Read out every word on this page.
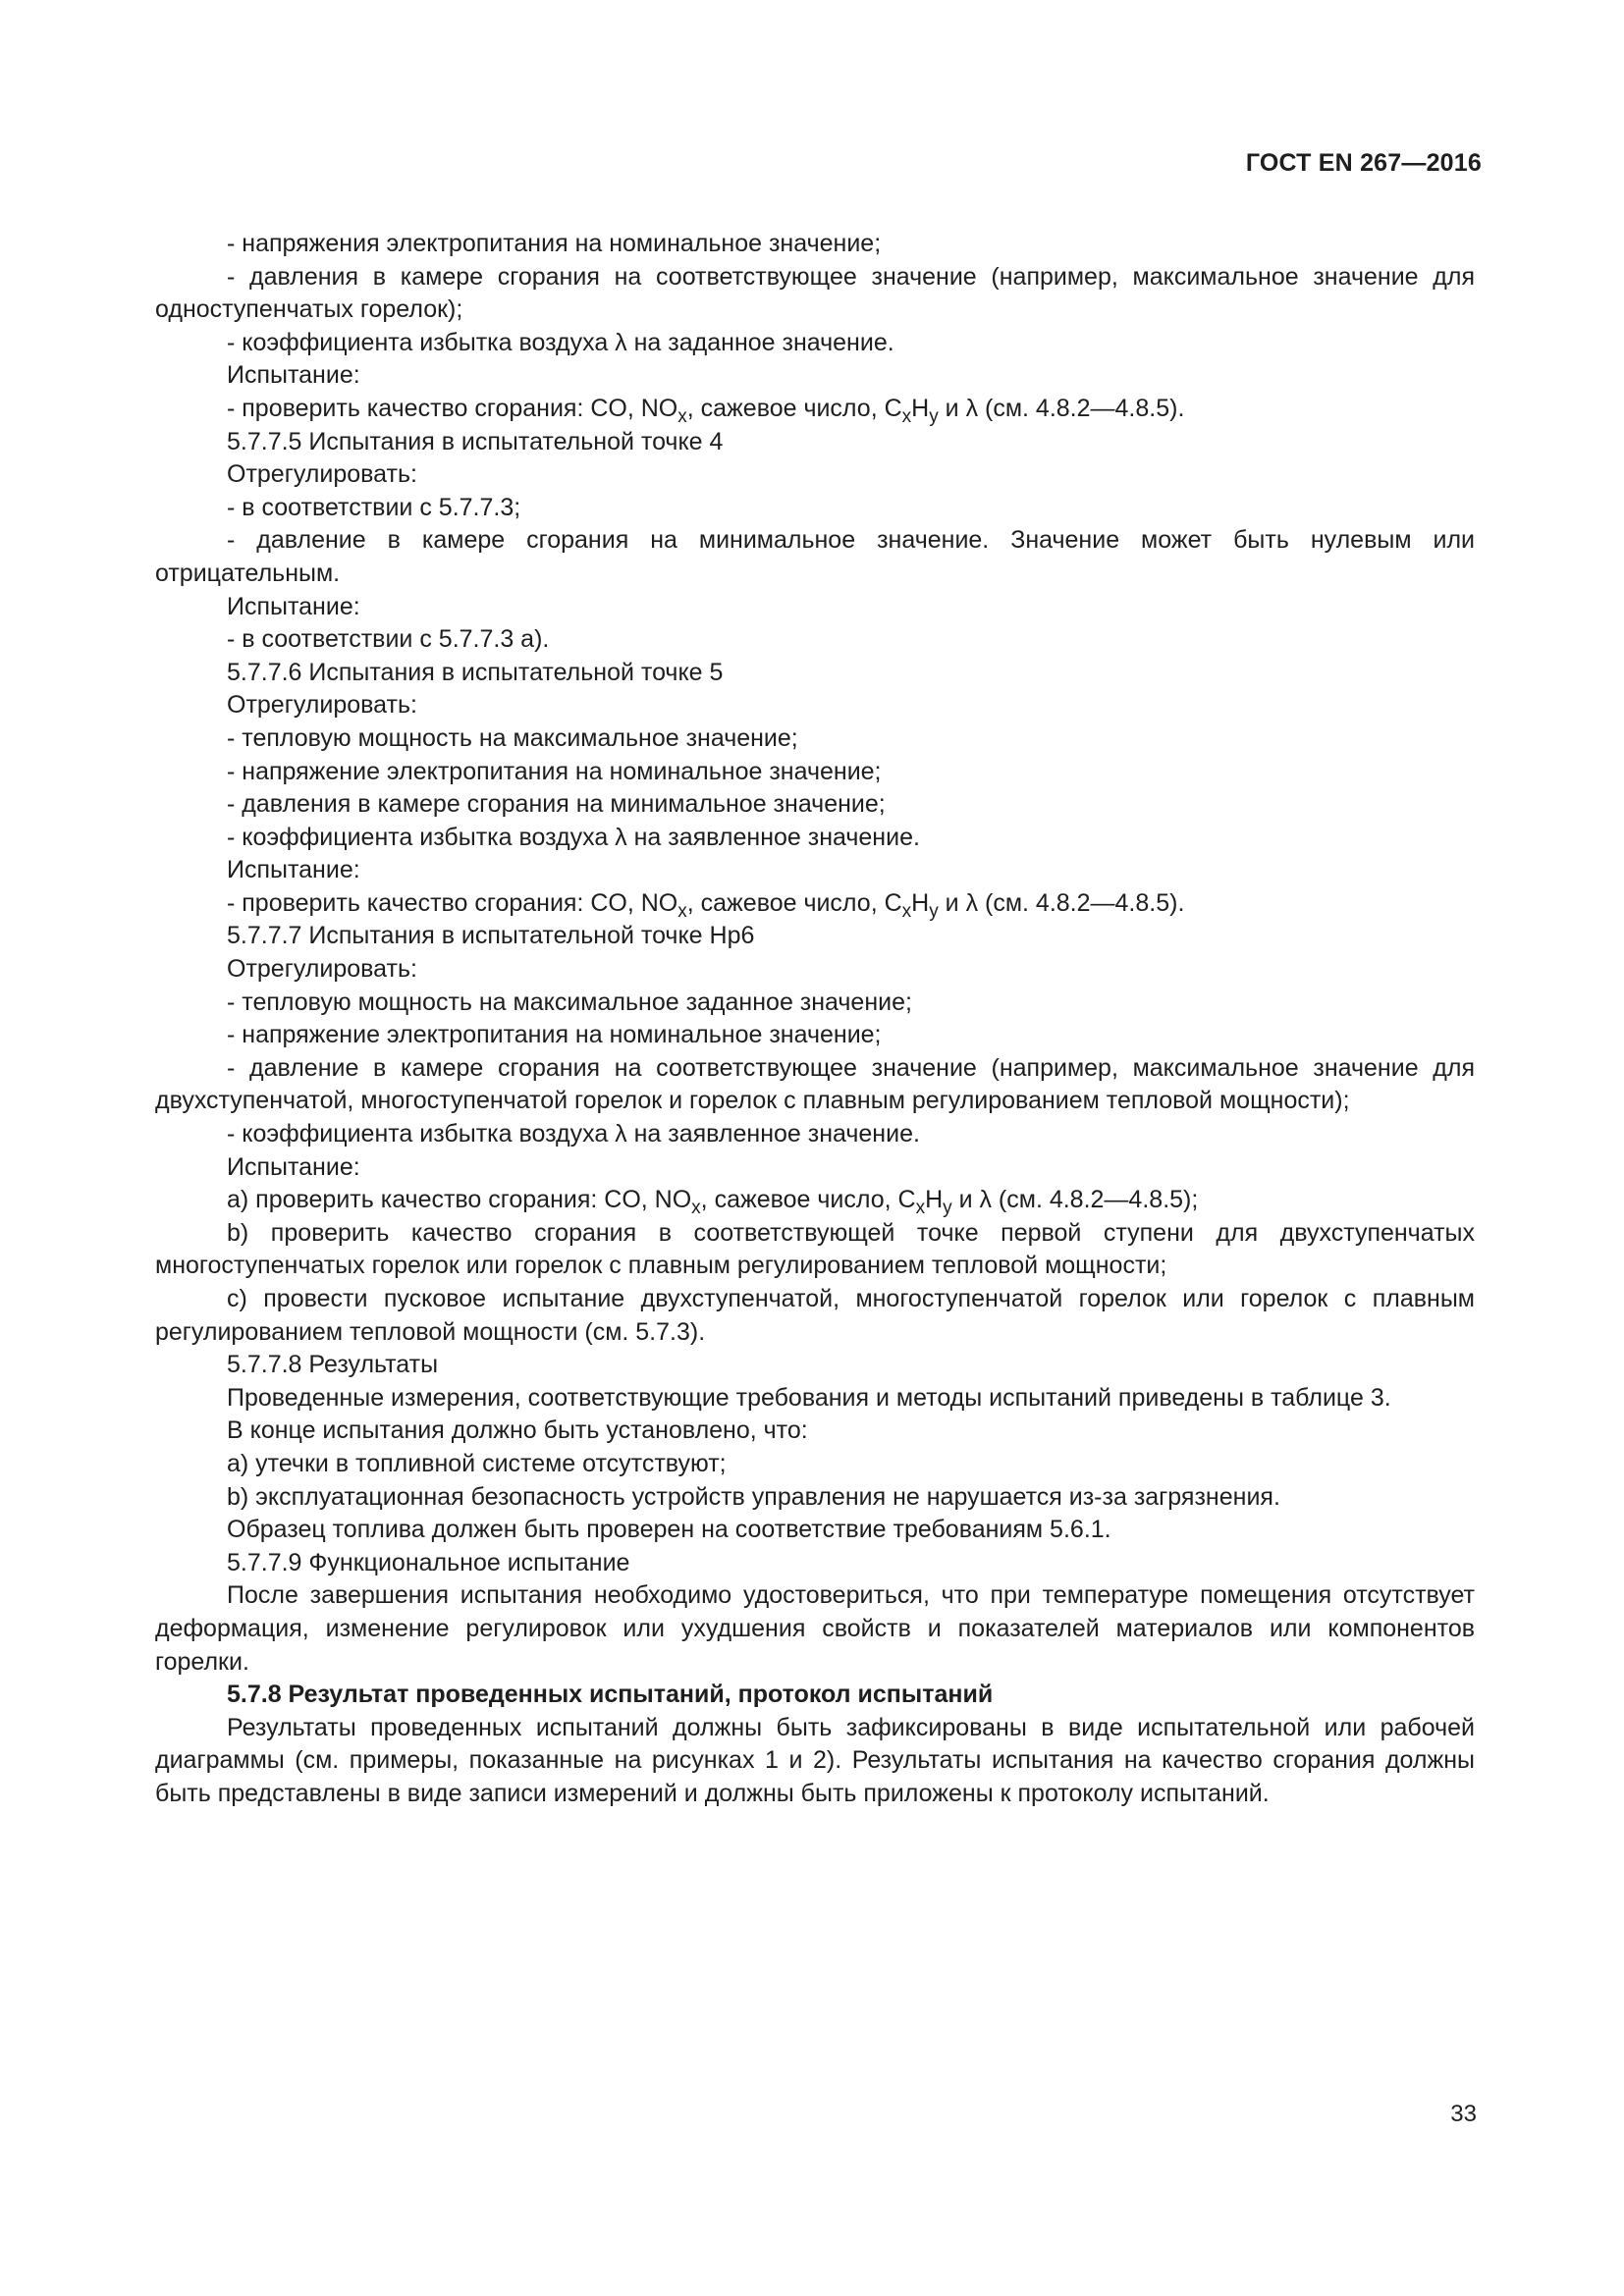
ГОСТ EN 267—2016

- напряжения электропитания на номинальное значение;

- давления в камере сгорания на соответствующее значение (например, максимальное значение для одноступенчатых горелок);

- коэффициента избытка воздуха λ на заданное значение.

Испытание:

- проверить качество сгорания: CO, $NO_x$, сажевое число, $C_xH_y$ и λ (см. 4.8.2—4.8.5).

5.7.7.5 Испытания в испытательной точке 4

Отрегулировать:

- в соответствии с 5.7.7.3;

- давление в камере сгорания на минимальное значение. Значение может быть нулевым или отрицательным.

Испытание:

- в соответствии с 5.7.7.3 а).

5.7.7.6 Испытания в испытательной точке 5

Отрегулировать:

- тепловую мощность на максимальное значение;

- напряжение электропитания на номинальное значение;

- давления в камере сгорания на минимальное значение;

- коэффициента избытка воздуха λ на заявленное значение.

Испытание:

- проверить качество сгорания: CO, $NO_x$, сажевое число, $C_xH_y$ и λ (см. 4.8.2—4.8.5).

5.7.7.7 Испытания в испытательной точке Hp6

Отрегулировать:

- тепловую мощность на максимальное заданное значение;

- напряжение электропитания на номинальное значение;

- давление в камере сгорания на соответствующее значение (например, максимальное значение для двухступенчатой, многоступенчатой горелок и горелок с плавным регулированием тепловой мощности);

- коэффициента избытка воздуха λ на заявленное значение.

Испытание:

a) проверить качество сгорания: CO, $NO_x$, сажевое число, $C_xH_y$ и λ (см. 4.8.2—4.8.5);

b) проверить качество сгорания в соответствующей точке первой ступени для двухступенчатых многоступенчатых горелок или горелок с плавным регулированием тепловой мощности;

c) провести пусковое испытание двухступенчатой, многоступенчатой горелок или горелок с плавным регулированием тепловой мощности (см. 5.7.3).

5.7.7.8 Результаты

Проведенные измерения, соответствующие требования и методы испытаний приведены в таблице 3.

В конце испытания должно быть установлено, что:

a) утечки в топливной системе отсутствуют;

b) эксплуатационная безопасность устройств управления не нарушается из-за загрязнения.

Образец топлива должен быть проверен на соответствие требованиям 5.6.1.

5.7.7.9 Функциональное испытание

После завершения испытания необходимо удостовериться, что при температуре помещения отсутствует деформация, изменение регулировок или ухудшения свойств и показателей материалов или компонентов горелки.

5.7.8 Результат проведенных испытаний, протокол испытаний

Результаты проведенных испытаний должны быть зафиксированы в виде испытательной или рабочей диаграммы (см. примеры, показанные на рисунках 1 и 2). Результаты испытания на качество сгорания должны быть представлены в виде записи измерений и должны быть приложены к протоколу испытаний.

33
